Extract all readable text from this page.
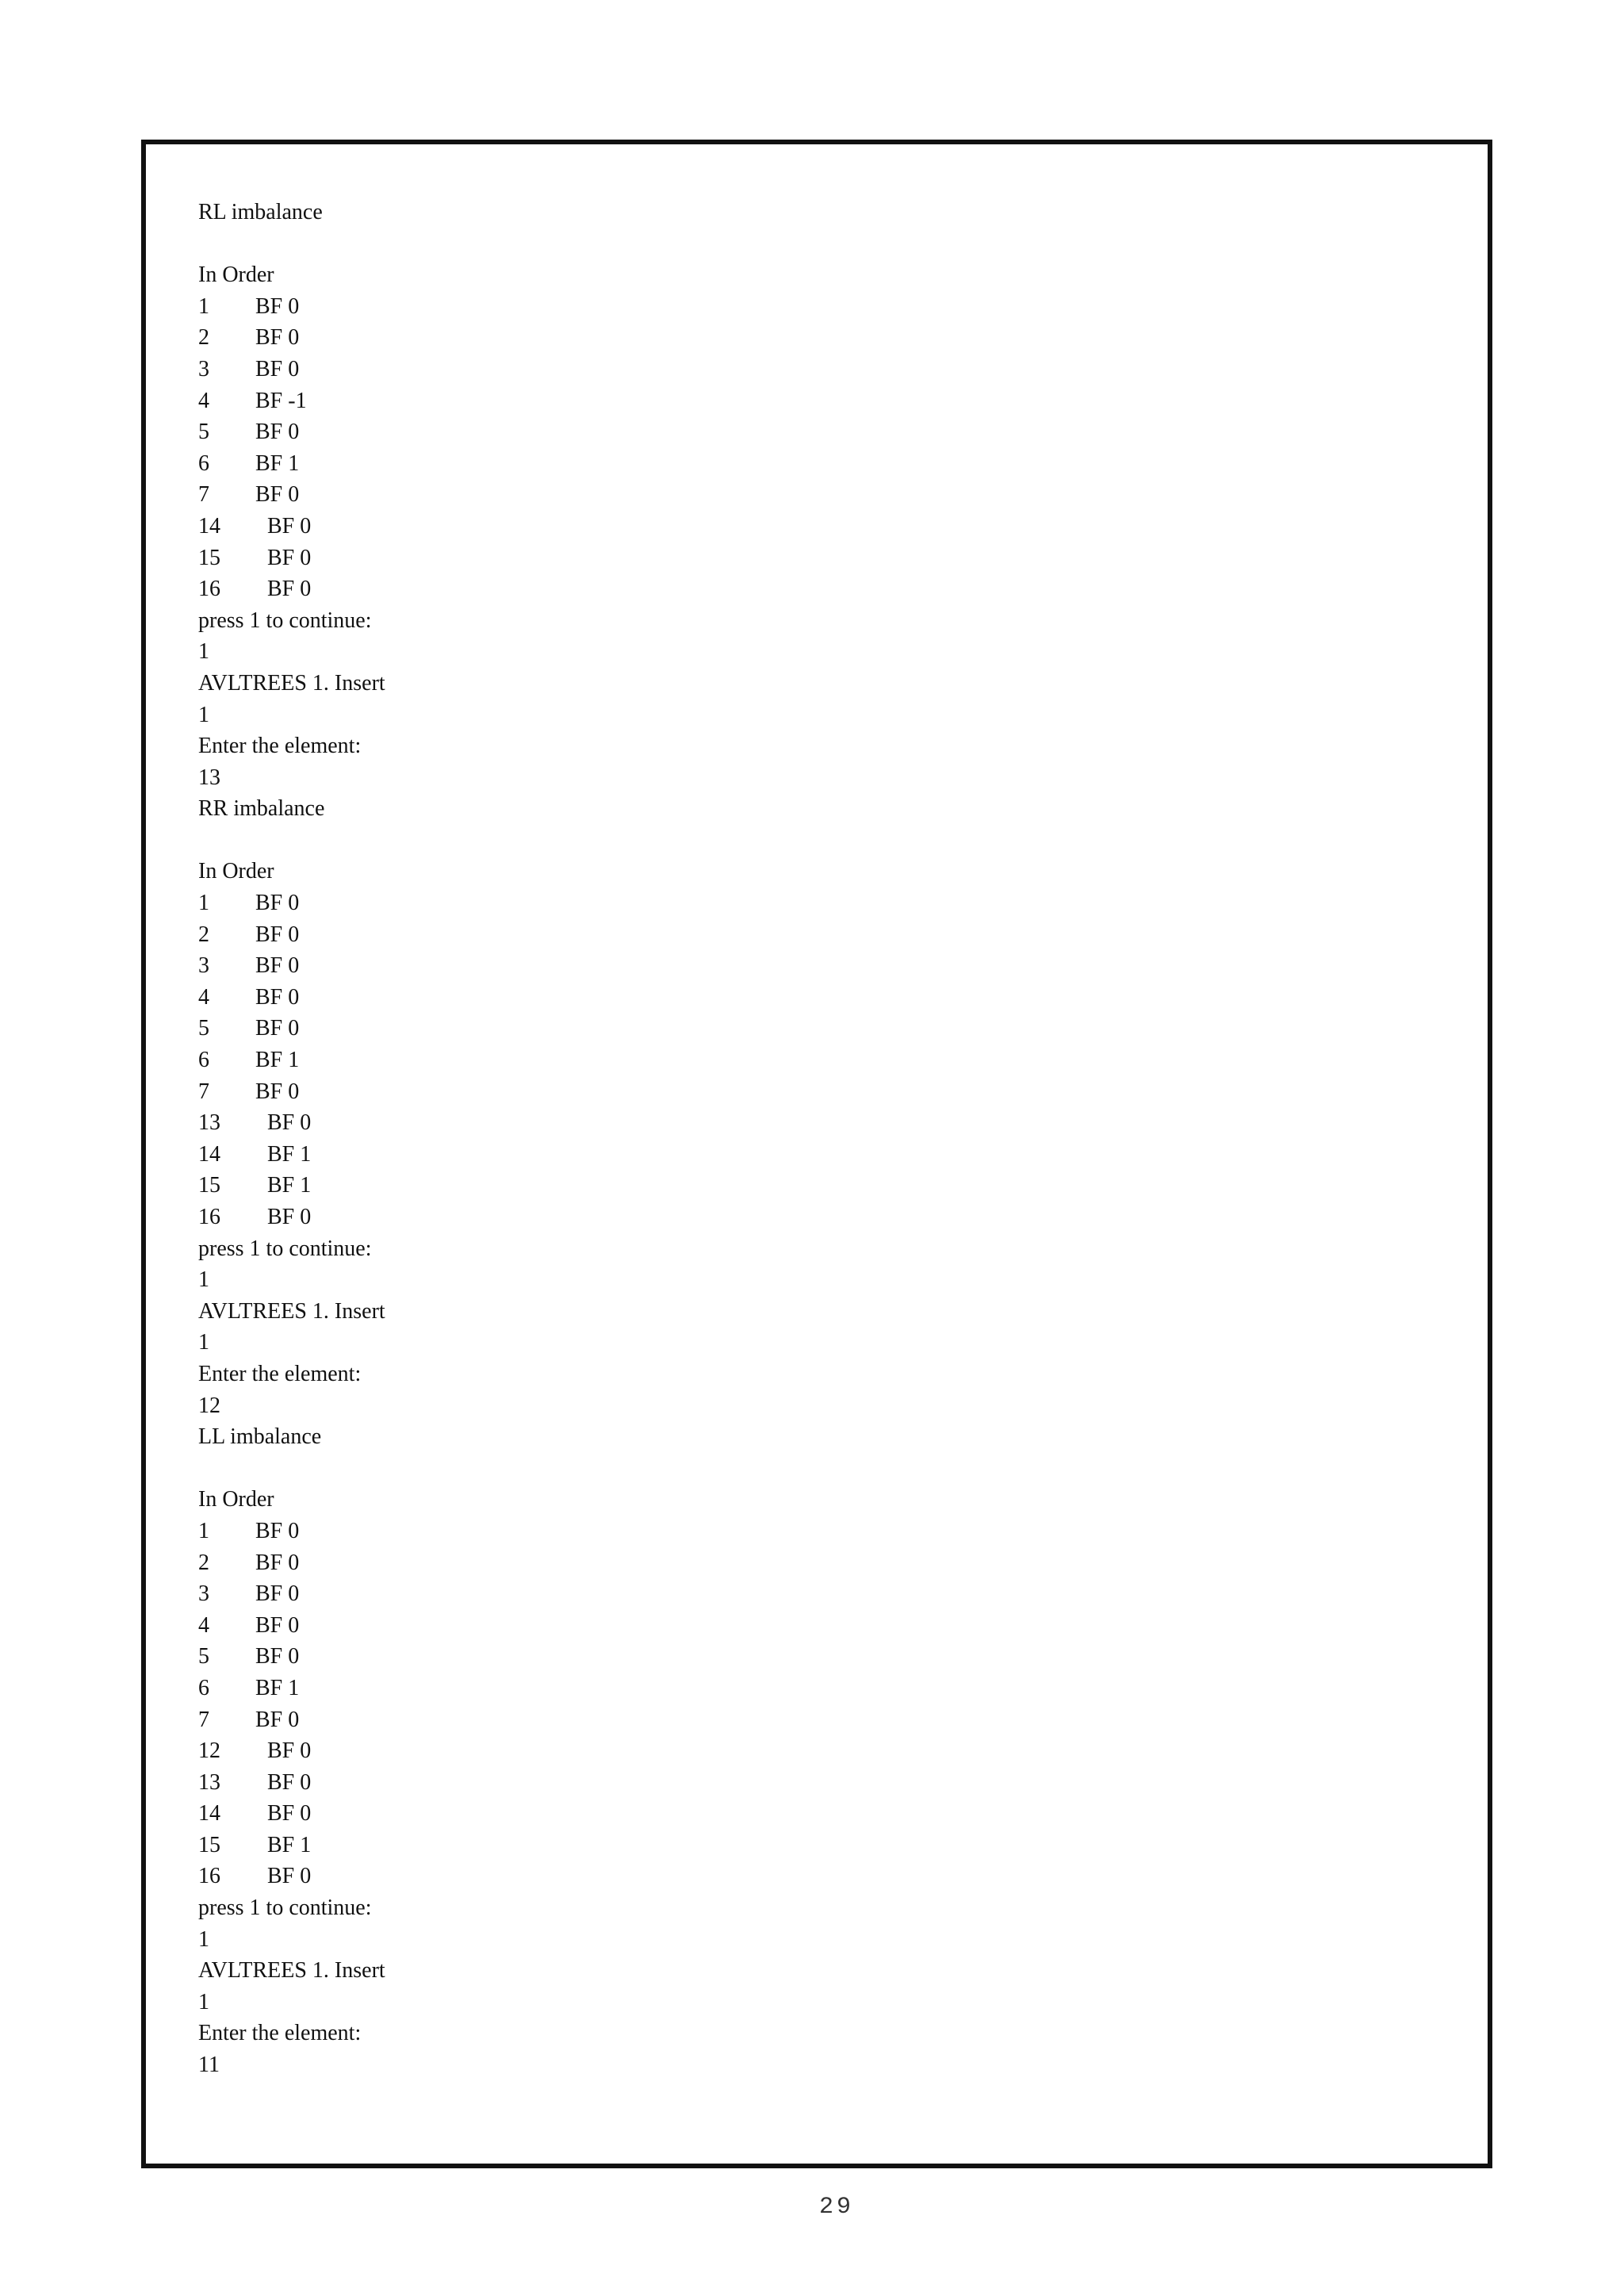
RL imbalance
In Order
1 BF 0
2 BF 0
3 BF 0
4 BF -1
5 BF 0
6 BF 1
7 BF 0
14 BF 0
15 BF 0
16 BF 0
press 1 to continue:
1
AVLTREES 1. Insert
1
Enter the element:
13
RR imbalance
In Order
1 BF 0
2 BF 0
3 BF 0
4 BF 0
5 BF 0
6 BF 1
7 BF 0
13 BF 0
14 BF 1
15 BF 1
16 BF 0
press 1 to continue:
1
AVLTREES 1. Insert
1
Enter the element:
12
LL imbalance
In Order
1 BF 0
2 BF 0
3 BF 0
4 BF 0
5 BF 0
6 BF 1
7 BF 0
12 BF 0
13 BF 0
14 BF 0
15 BF 1
16 BF 0
press 1 to continue:
1
AVLTREES 1. Insert
1
Enter the element:
11
29
